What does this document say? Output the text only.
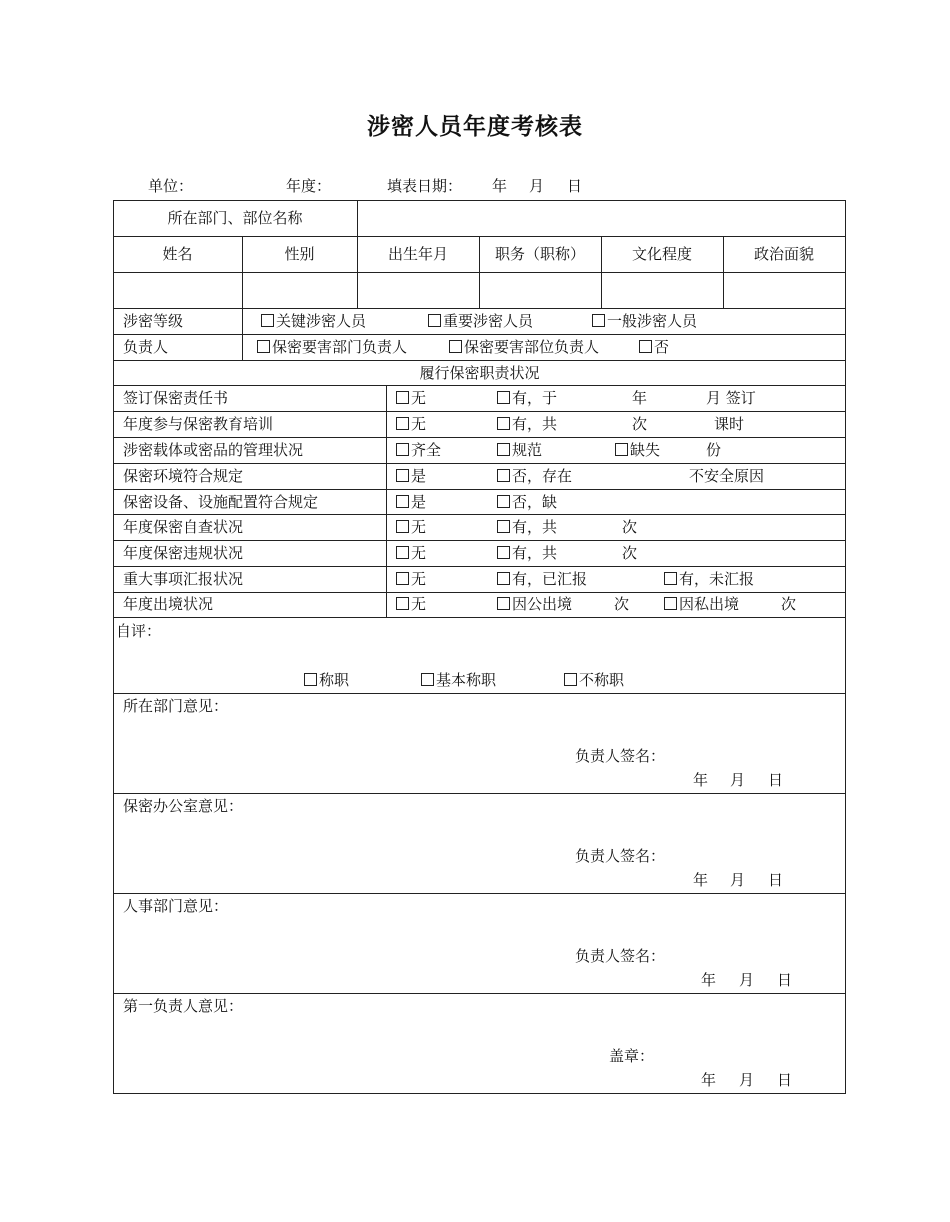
涉密人员年度考核表
单位：	年度：	填表日期： 年 月 日
所在部门、部位名称
姓名	性别	出生年月	职务（职称）	文化程度	政治面貌
涉密等级	关键涉密人员	重要涉密人员	一般涉密人员
负责人	保密要害部门负责人	保密要害部位负责人	否
履行保密职责状况
签订保密责任书	无	有，于	年	月 签订
年度参与保密教育培训	无	有，共	次	课时
涉密载体或密品的管理状况	齐全	规范	缺失	份
保密环境符合规定	是	否，存在	不安全原因
保密设备、设施配置符合规定	是	否，缺
年度保密自查状况	无	有，共	次
年度保密违规状况	无	有，共	次
重大事项汇报状况	无	有，已汇报	有，未汇报
年度出境状况	无	因公出境	次	因私出境	次
自评：
称职	基本称职	不称职
所在部门意见：
负责人签名：
年 月 日
保密办公室意见：
负责人签名：
年 月 日
人事部门意见：
负责人签名：
年 月 日
第一负责人意见：
盖章：
年 月 日
